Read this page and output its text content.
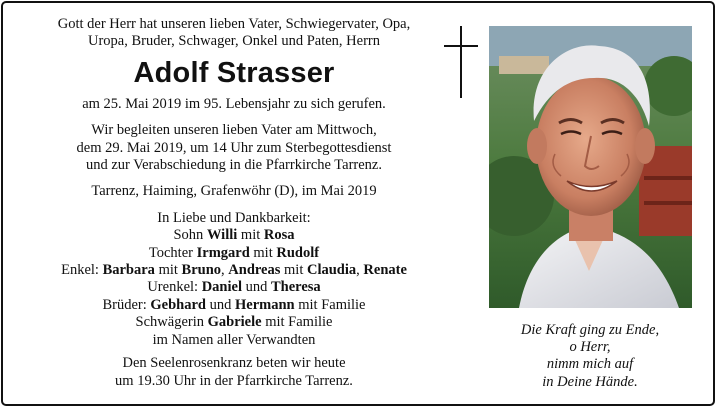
Gott der Herr hat unseren lieben Vater, Schwiegervater, Opa,

Uropa, Bruder, Schwager, Onkel und Paten, Herrn

Adolf Strasser

am 25. Mai 2019 im 95. Lebensjahr zu sich gerufen.

Wir begleiten unseren lieben Vater am Mittwoch,

dem 29. Mai 2019, um 14 Uhr zum Sterbegottesdienst

und zur Verabschiedung in die Pfarrkirche Tarrenz.

Tarrenz, Haiming, Grafenwöhr (D), im Mai 2019

In Liebe und Dankbarkeit:

Sohn Willi mit Rosa

Tochter Irmgard mit Rudolf

Enkel: Barbara mit Bruno, Andreas mit Claudia, Renate

Urenkel: Daniel und Theresa

Brüder: Gebhard und Hermann mit Familie

Schwägerin Gabriele mit Familie

im Namen aller Verwandten

Den Seelenrosenkranz beten wir heute

um 19.30 Uhr in der Pfarrkirche Tarrenz.

Die Kraft ging zu Ende,

o Herr,

nimm mich auf

in Deine Hände.
